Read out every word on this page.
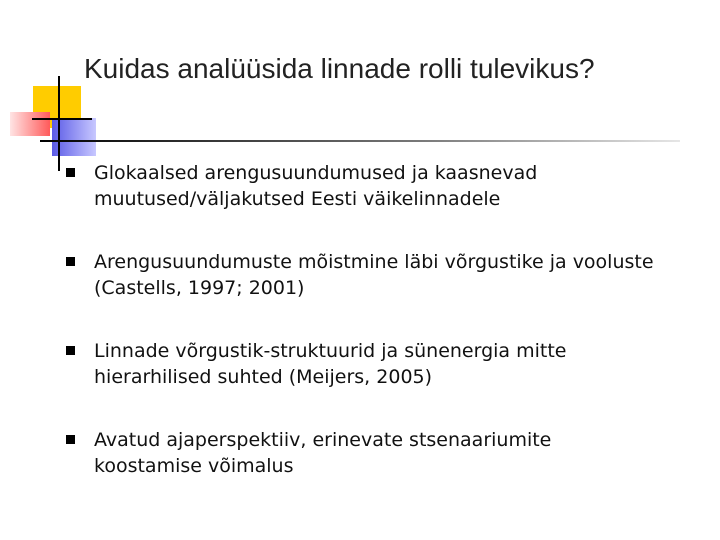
Kuidas analüüsida linnade rolli tulevikus?

Glokaalsed arengusuundumused ja kaasnevad
muutused/väljakutsed Eesti väikelinnadele

Arengusuundumuste mõistmine läbi võrgustike ja vooluste
(Castells, 1997; 2001)

Linnade võrgustik-struktuurid ja sünenergia mitte
hierarhilised suhted (Meijers, 2005)

Avatud ajaperspektiiv, erinevate stsenaariumite
koostamise võimalus
